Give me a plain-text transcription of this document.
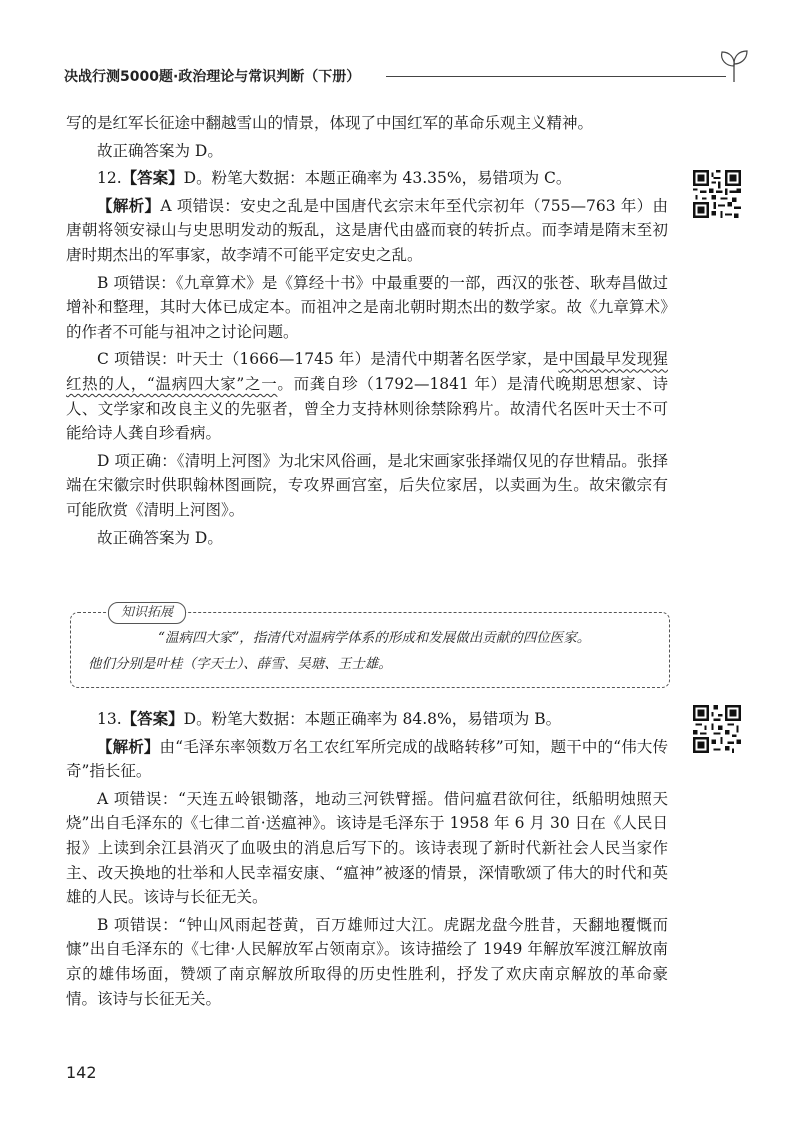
决战行测5000题·政治理论与常识判断（下册）

写的是红军长征途中翻越雪山的情景，体现了中国红军的革命乐观主义精神。

故正确答案为 D。

12.【答案】D。粉笔大数据：本题正确率为 43.35%，易错项为 C。

【解析】A 项错误：安史之乱是中国唐代玄宗末年至代宗初年（755—763 年）由唐朝将领安禄山与史思明发动的叛乱，这是唐代由盛而衰的转折点。而李靖是隋末至初唐时期杰出的军事家，故李靖不可能平定安史之乱。

B 项错误：《九章算术》是《算经十书》中最重要的一部，西汉的张苍、耿寿昌做过增补和整理，其时大体已成定本。而祖冲之是南北朝时期杰出的数学家。故《九章算术》的作者不可能与祖冲之讨论问题。

C 项错误：叶天士（1666—1745 年）是清代中期著名医学家，是中国最早发现猩红热的人，“温病四大家”之一。而龚自珍（1792—1841 年）是清代晚期思想家、诗人、文学家和改良主义的先驱者，曾全力支持林则徐禁除鸦片。故清代名医叶天士不可能给诗人龚自珍看病。

D 项正确：《清明上河图》为北宋风俗画，是北宋画家张择端仅见的存世精品。张择端在宋徽宗时供职翰林图画院，专攻界画宫室，后失位家居，以卖画为生。故宋徽宗有可能欣赏《清明上河图》。

故正确答案为 D。

知识拓展
“温病四大家”，指清代对温病学体系的形成和发展做出贡献的四位医家。
他们分别是叶桂（字天士）、薛雪、吴瑭、王士雄。

13.【答案】D。粉笔大数据：本题正确率为 84.8%，易错项为 B。

【解析】由“毛泽东率领数万名工农红军所完成的战略转移”可知，题干中的“伟大传奇”指长征。

A 项错误：“天连五岭银锄落，地动三河铁臂摇。借问瘟君欲何往，纸船明烛照天烧”出自毛泽东的《七律二首·送瘟神》。该诗是毛泽东于 1958 年 6 月 30 日在《人民日报》上读到余江县消灭了血吸虫的消息后写下的。该诗表现了新时代新社会人民当家作主、改天换地的壮举和人民幸福安康、“瘟神”被逐的情景，深情歌颂了伟大的时代和英雄的人民。该诗与长征无关。

B 项错误：“钟山风雨起苍黄，百万雄师过大江。虎踞龙盘今胜昔，天翻地覆慨而慷”出自毛泽东的《七律·人民解放军占领南京》。该诗描绘了 1949 年解放军渡江解放南京的雄伟场面，赞颂了南京解放所取得的历史性胜利，抒发了欢庆南京解放的革命豪情。该诗与长征无关。

142
